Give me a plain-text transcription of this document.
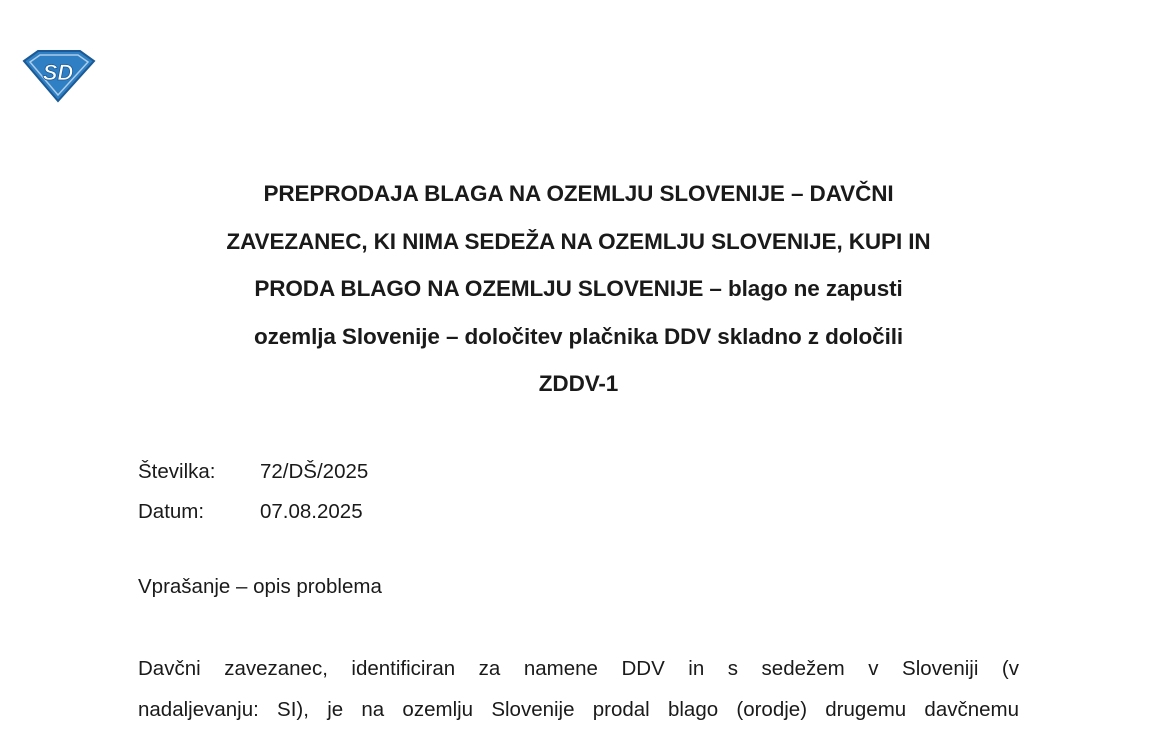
SD
PREPRODAJA BLAGA NA OZEMLJU SLOVENIJE – DAVČNI
ZAVEZANEC, KI NIMA SEDEŽA NA OZEMLJU SLOVENIJE, KUPI IN
PRODA BLAGO NA OZEMLJU SLOVENIJE – blago ne zapusti
ozemlja Slovenije – določitev plačnika DDV skladno z določili
ZDDV-1
Številka:	72/DŠ/2025
Datum:	07.08.2025
Vprašanje – opis problema
Davčni zavezanec, identificiran za namene DDV in s sedežem v Sloveniji (v
nadaljevanju: SI), je na ozemlju Slovenije prodal blago (orodje) drugemu davčnemu
